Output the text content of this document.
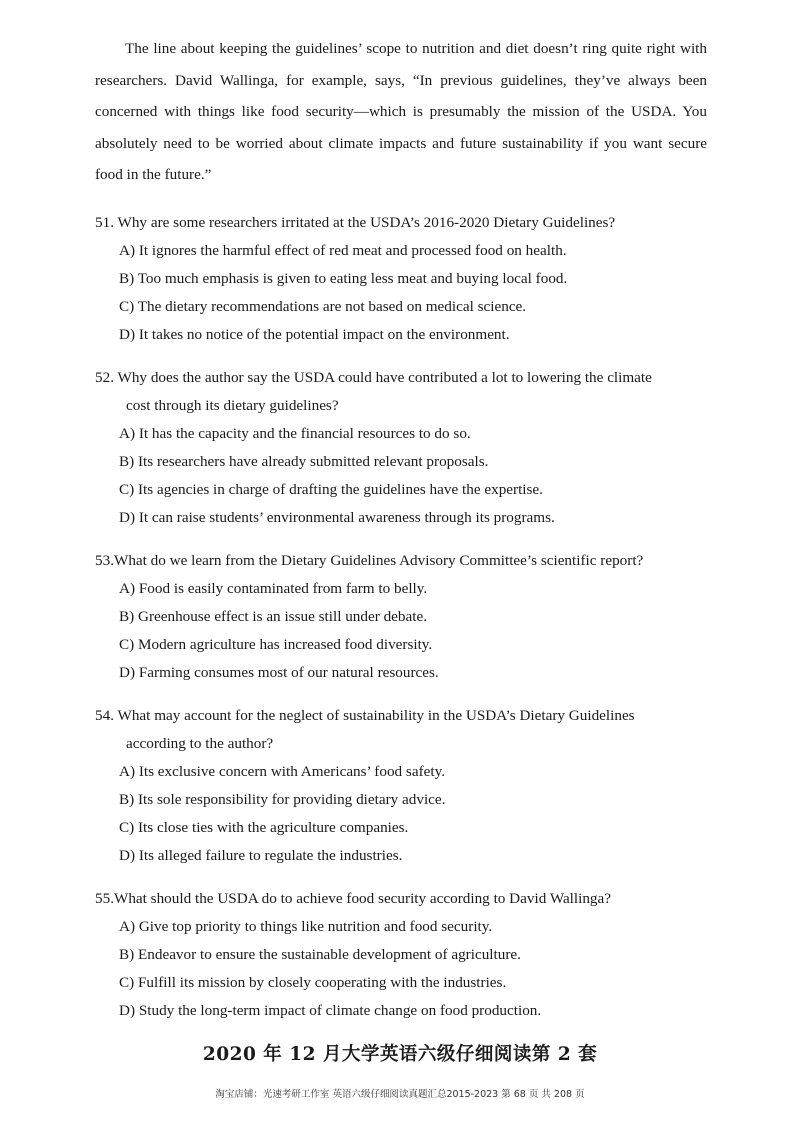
The line about keeping the guidelines’ scope to nutrition and diet doesn’t ring quite right with researchers. David Wallinga, for example, says, “In previous guidelines, they’ve always been concerned with things like food security—which is presumably the mission of the USDA. You absolutely need to be worried about climate impacts and future sustainability if you want secure food in the future.”

51. Why are some researchers irritated at the USDA’s 2016-2020 Dietary Guidelines?
A) It ignores the harmful effect of red meat and processed food on health.
B) Too much emphasis is given to eating less meat and buying local food.
C) The dietary recommendations are not based on medical science.
D) It takes no notice of the potential impact on the environment.
52. Why does the author say the USDA could have contributed a lot to lowering the climate
cost through its dietary guidelines?
A) It has the capacity and the financial resources to do so.
B) Its researchers have already submitted relevant proposals.
C) Its agencies in charge of drafting the guidelines have the expertise.
D) It can raise students’ environmental awareness through its programs.
53.What do we learn from the Dietary Guidelines Advisory Committee’s scientific report?
A) Food is easily contaminated from farm to belly.
B) Greenhouse effect is an issue still under debate.
C) Modern agriculture has increased food diversity.
D) Farming consumes most of our natural resources.
54. What may account for the neglect of sustainability in the USDA’s Dietary Guidelines
according to the author?
A) Its exclusive concern with Americans’ food safety.
B) Its sole responsibility for providing dietary advice.
C) Its close ties with the agriculture companies.
D) Its alleged failure to regulate the industries.
55.What should the USDA do to achieve food security according to David Wallinga?
A) Give top priority to things like nutrition and food security.
B) Endeavor to ensure the sustainable development of agriculture.
C) Fulfill its mission by closely cooperating with the industries.
D) Study the long-term impact of climate change on food production.
2020 年 12 月大学英语六级仔细阅读第 2 套
淘宝店铺：光速考研工作室 英语六级仔细阅读真题汇总2015-2023 第 68 页 共 208 页
